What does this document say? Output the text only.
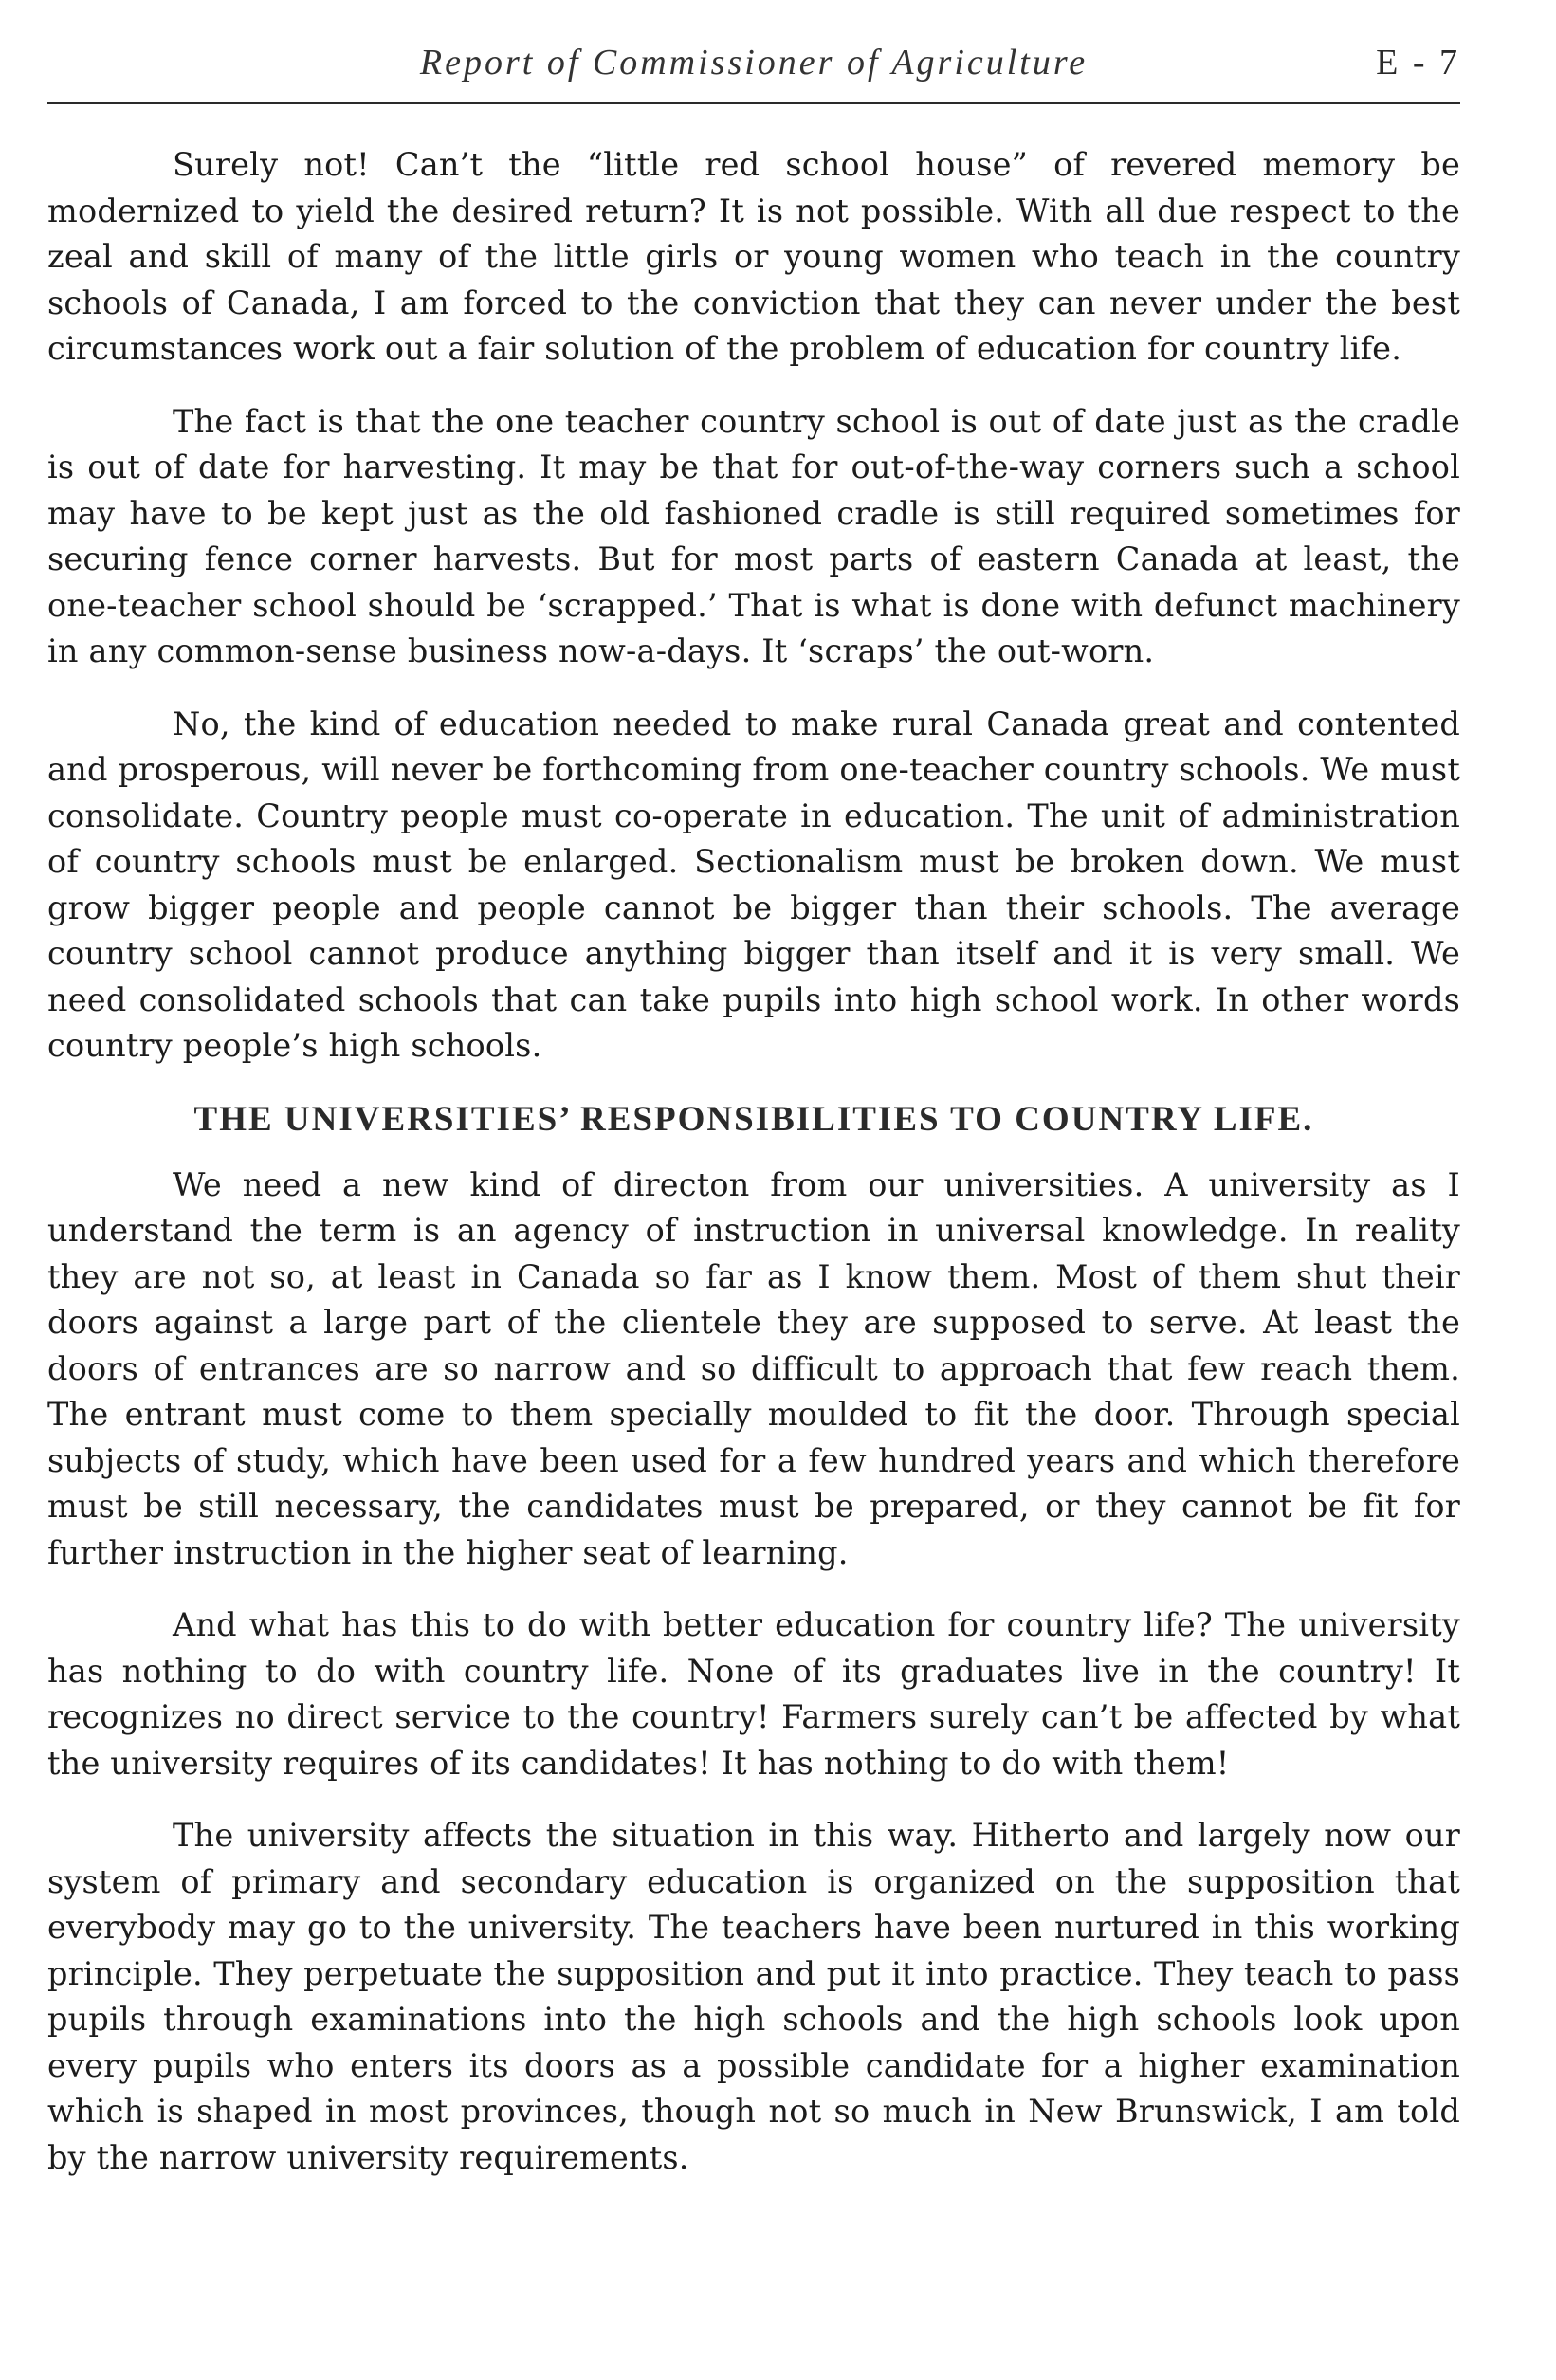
Report of Commissioner of Agriculture	E - 7

Surely not! Can’t the “little red school house” of revered memory be modernized to yield the desired return? It is not possible. With all due respect to the zeal and skill of many of the little girls or young women who teach in the country schools of Canada, I am forced to the conviction that they can never under the best circumstances work out a fair solution of the problem of education for country life.

The fact is that the one teacher country school is out of date just as the cradle is out of date for harvesting. It may be that for out-of-the-way corners such a school may have to be kept just as the old fashioned cradle is still required sometimes for securing fence corner harvests. But for most parts of eastern Canada at least, the one-teacher school should be ‘scrapped.’ That is what is done with defunct machinery in any common-sense business now-a-days. It ‘scraps’ the out-worn.

No, the kind of education needed to make rural Canada great and contented and prosperous, will never be forthcoming from one-teacher country schools. We must consolidate. Country people must co-operate in education. The unit of administration of country schools must be enlarged. Sectionalism must be broken down. We must grow bigger people and people cannot be bigger than their schools. The average country school cannot produce anything bigger than itself and it is very small. We need consolidated schools that can take pupils into high school work. In other words country people’s high schools.

THE UNIVERSITIES’ RESPONSIBILITIES TO COUNTRY LIFE.

We need a new kind of directon from our universities. A university as I understand the term is an agency of instruction in universal knowledge. In reality they are not so, at least in Canada so far as I know them. Most of them shut their doors against a large part of the clientele they are supposed to serve. At least the doors of entrances are so narrow and so difficult to approach that few reach them. The entrant must come to them specially moulded to fit the door. Through special subjects of study, which have been used for a few hundred years and which therefore must be still necessary, the candidates must be prepared, or they cannot be fit for further instruction in the higher seat of learning.

And what has this to do with better education for country life? The university has nothing to do with country life. None of its graduates live in the country! It recognizes no direct service to the country! Farmers surely can’t be affected by what the university requires of its candidates! It has nothing to do with them!

The university affects the situation in this way. Hitherto and largely now our system of primary and secondary education is organized on the supposition that everybody may go to the university. The teachers have been nurtured in this working principle. They perpetuate the supposition and put it into practice. They teach to pass pupils through examinations into the high schools and the high schools look upon every pupils who enters its doors as a possible candidate for a higher examination which is shaped in most provinces, though not so much in New Brunswick, I am told by the narrow university requirements.
